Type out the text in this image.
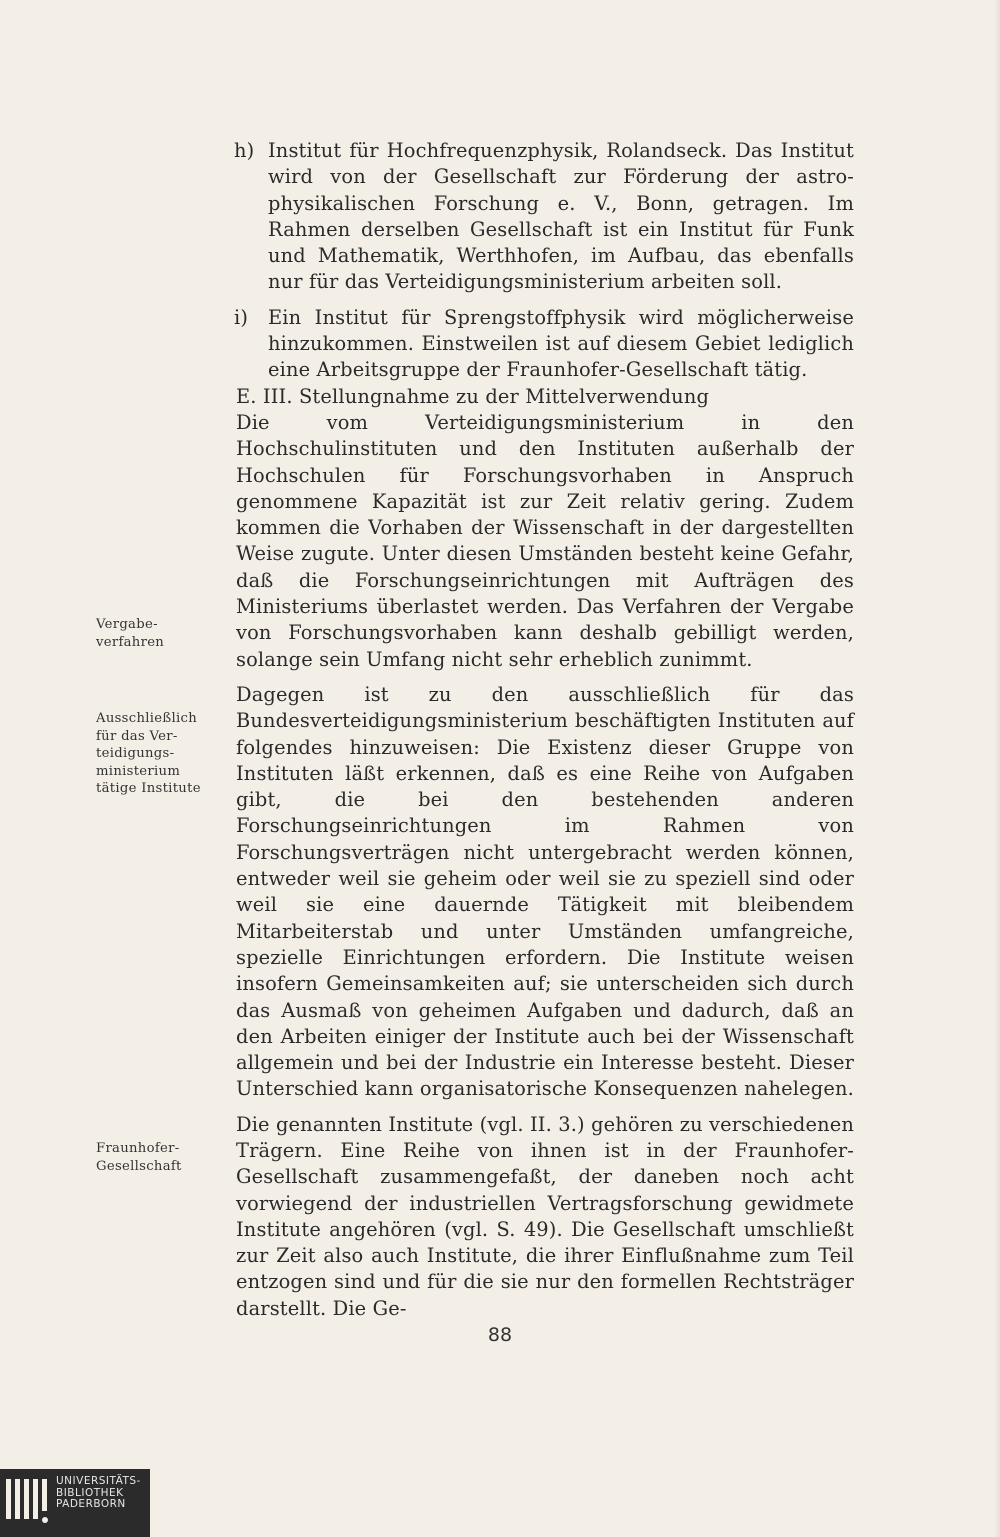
h) Institut für Hochfrequenzphysik, Rolandseck. Das Institut wird von der Gesellschaft zur Förderung der astro-physikalischen Forschung e. V., Bonn, getragen. Im Rahmen derselben Gesellschaft ist ein Institut für Funk und Mathematik, Werthhofen, im Aufbau, das ebenfalls nur für das Verteidigungsministerium arbeiten soll.
i) Ein Institut für Sprengstoffphysik wird möglicherweise hinzukommen. Einstweilen ist auf diesem Gebiet lediglich eine Arbeitsgruppe der Fraunhofer-Gesellschaft tätig.

E. III. Stellungnahme zu der Mittelverwendung

Die vom Verteidigungsministerium in den Hochschulinstituten und den Instituten außerhalb der Hochschulen für Forschungsvorhaben in Anspruch genommene Kapazität ist zur Zeit relativ gering. Zudem kommen die Vorhaben der Wissenschaft in der dargestellten Weise zugute. Unter diesen Umständen besteht keine Gefahr, daß die Forschungseinrichtungen mit Aufträgen des Ministeriums überlastet werden. Das Verfahren der Vergabe von Forschungsvorhaben kann deshalb gebilligt werden, solange sein Umfang nicht sehr erheblich zunimmt.

Dagegen ist zu den ausschließlich für das Bundesverteidigungsministerium beschäftigten Instituten auf folgendes hinzuweisen: Die Existenz dieser Gruppe von Instituten läßt erkennen, daß es eine Reihe von Aufgaben gibt, die bei den bestehenden anderen Forschungseinrichtungen im Rahmen von Forschungsverträgen nicht untergebracht werden können, entweder weil sie geheim oder weil sie zu speziell sind oder weil sie eine dauernde Tätigkeit mit bleibendem Mitarbeiterstab und unter Umständen umfangreiche, spezielle Einrichtungen erfordern. Die Institute weisen insofern Gemeinsamkeiten auf; sie unterscheiden sich durch das Ausmaß von geheimen Aufgaben und dadurch, daß an den Arbeiten einiger der Institute auch bei der Wissenschaft allgemein und bei der Industrie ein Interesse besteht. Dieser Unterschied kann organisatorische Konsequenzen nahelegen.

Die genannten Institute (vgl. II. 3.) gehören zu verschiedenen Trägern. Eine Reihe von ihnen ist in der Fraunhofer-Gesellschaft zusammengefaßt, der daneben noch acht vorwiegend der industriellen Vertragsforschung gewidmete Institute angehören (vgl. S. 49). Die Gesellschaft umschließt zur Zeit also auch Institute, die ihrer Einflußnahme zum Teil entzogen sind und für die sie nur den formellen Rechtsträger darstellt. Die Ge-

Vergabe-
verfahren
Ausschließlich
für das Ver-
teidigungs-
ministerium
tätige Institute
Fraunhofer-
Gesellschaft
88
UNIVERSITÄTS-
BIBLIOTHEK
PADERBORN
